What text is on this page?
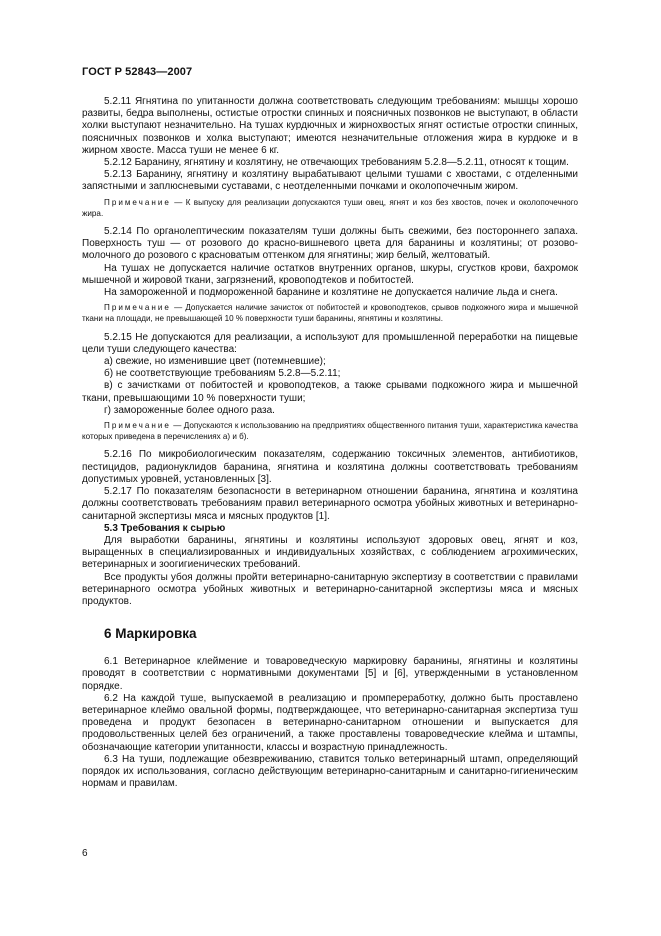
ГОСТ Р 52843—2007

5.2.11 Ягнятина по упитанности должна соответствовать следующим требованиям: мышцы хорошо развиты, бедра выполнены, остистые отростки спинных и поясничных позвонков не выступают, в области холки выступают незначительно. На тушах курдючных и жирнохвостых ягнят остистые отростки спинных, поясничных позвонков и холка выступают; имеются незначительные отложения жира в курдюке и в жирном хвосте. Масса туши не менее 6 кг.

5.2.12 Баранину, ягнятину и козлятину, не отвечающих требованиям 5.2.8—5.2.11, относят к тощим.

5.2.13 Баранину, ягнятину и козлятину вырабатывают целыми тушами с хвостами, с отделенными запястными и заплюсневыми суставами, с неотделенными почками и околопочечным жиром.

Примечание — К выпуску для реализации допускаются туши овец, ягнят и коз без хвостов, почек и околопочечного жира.

5.2.14 По органолептическим показателям туши должны быть свежими, без постороннего запаха. Поверхность туш — от розового до красно-вишневого цвета для баранины и козлятины; от розово-молочного до розового с красноватым оттенком для ягнятины; жир белый, желтоватый.

На тушах не допускается наличие остатков внутренних органов, шкуры, сгустков крови, бахромок мышечной и жировой ткани, загрязнений, кровоподтеков и побитостей.

На замороженной и подмороженной баранине и козлятине не допускается наличие льда и снега.

Примечание — Допускается наличие зачисток от побитостей и кровоподтеков, срывов подкожного жира и мышечной ткани на площади, не превышающей 10 % поверхности туши баранины, ягнятины и козлятины.

5.2.15 Не допускаются для реализации, а используют для промышленной переработки на пищевые цели туши следующего качества:

а) свежие, но изменившие цвет (потемневшие);

б) не соответствующие требованиям 5.2.8—5.2.11;

в) с зачистками от побитостей и кровоподтеков, а также срывами подкожного жира и мышечной ткани, превышающими 10 % поверхности туши;

г) замороженные более одного раза.

Примечание — Допускаются к использованию на предприятиях общественного питания туши, характеристика качества которых приведена в перечислениях а) и б).

5.2.16 По микробиологическим показателям, содержанию токсичных элементов, антибиотиков, пестицидов, радионуклидов баранина, ягнятина и козлятина должны соответствовать требованиям допустимых уровней, установленных [3].

5.2.17 По показателям безопасности в ветеринарном отношении баранина, ягнятина и козлятина должны соответствовать требованиям правил ветеринарного осмотра убойных животных и ветеринарно-санитарной экспертизы мяса и мясных продуктов [1].

5.3 Требования к сырью

Для выработки баранины, ягнятины и козлятины используют здоровых овец, ягнят и коз, выращенных в специализированных и индивидуальных хозяйствах, с соблюдением агрохимических, ветеринарных и зоогигиенических требований.

Все продукты убоя должны пройти ветеринарно-санитарную экспертизу в соответствии с правилами ветеринарного осмотра убойных животных и ветеринарно-санитарной экспертизы мяса и мясных продуктов.

6 Маркировка

6.1 Ветеринарное клеймение и товароведческую маркировку баранины, ягнятины и козлятины проводят в соответствии с нормативными документами [5] и [6], утвержденными в установленном порядке.

6.2 На каждой туше, выпускаемой в реализацию и промпереработку, должно быть проставлено ветеринарное клеймо овальной формы, подтверждающее, что ветеринарно-санитарная экспертиза туш проведена и продукт безопасен в ветеринарно-санитарном отношении и выпускается для продовольственных целей без ограничений, а также проставлены товароведческие клейма и штампы, обозначающие категории упитанности, классы и возрастную принадлежность.

6.3 На туши, подлежащие обезвреживанию, ставится только ветеринарный штамп, определяющий порядок их использования, согласно действующим ветеринарно-санитарным и санитарно-гигиеническим нормам и правилам.

6
